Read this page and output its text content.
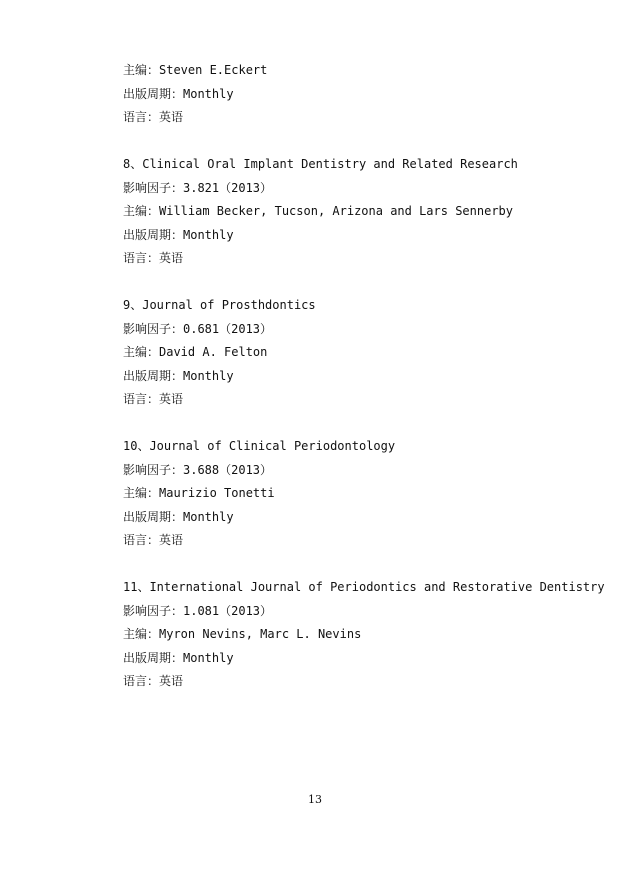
主编：Steven E.Eckert
出版周期：Monthly
语言：英语
8、Clinical Oral Implant Dentistry and Related Research
影响因子：3.821（2013）
主编：William Becker, Tucson, Arizona and Lars Sennerby
出版周期：Monthly
语言：英语
9、Journal of Prosthdontics
影响因子：0.681（2013）
主编：David A. Felton
出版周期：Monthly
语言：英语
10、Journal of Clinical Periodontology
影响因子：3.688（2013）
主编：Maurizio Tonetti
出版周期：Monthly
语言：英语
11、International Journal of Periodontics and Restorative Dentistry
影响因子：1.081（2013）
主编：Myron Nevins, Marc L. Nevins
出版周期：Monthly
语言：英语
13
